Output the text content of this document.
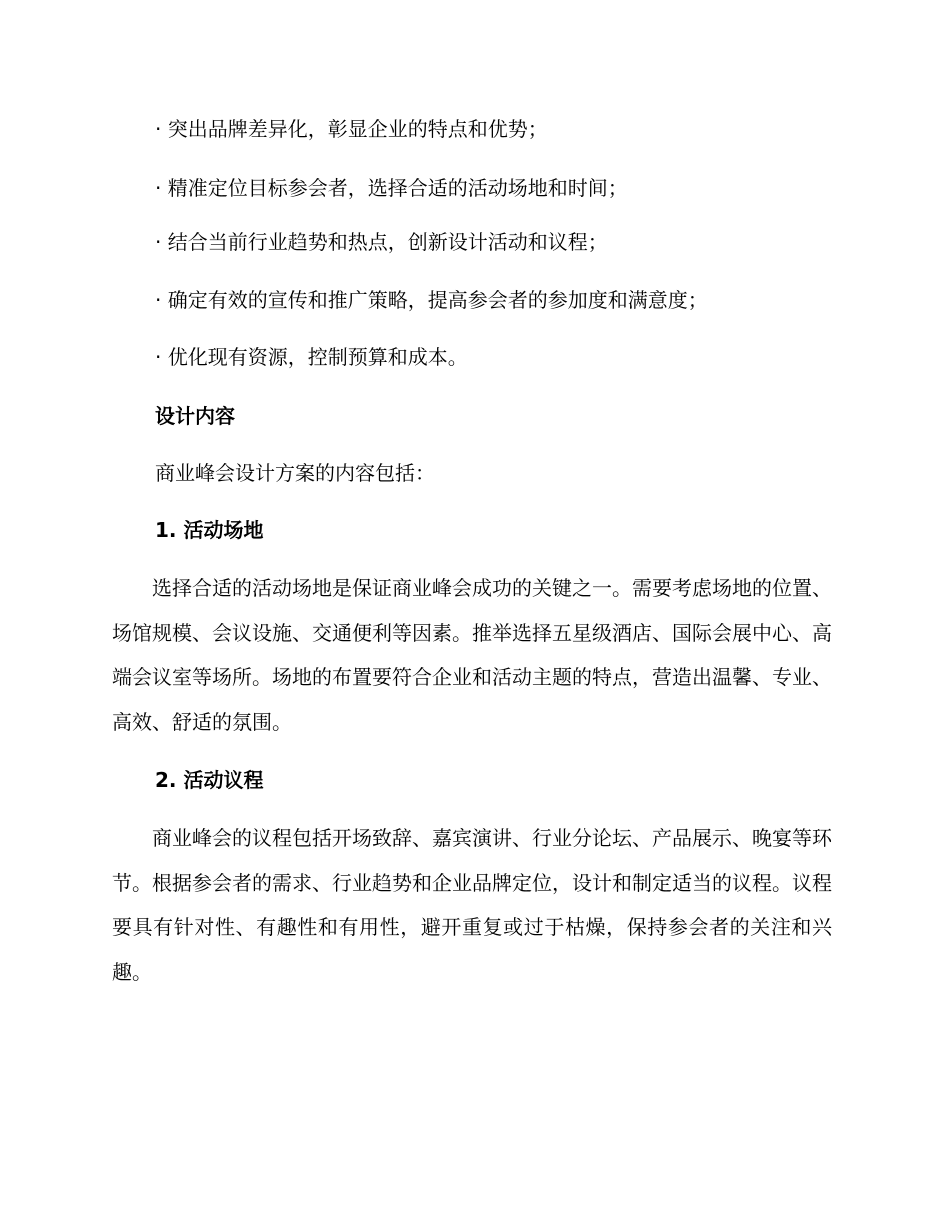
· 突出品牌差异化，彰显企业的特点和优势；
· 精准定位目标参会者，选择合适的活动场地和时间；
· 结合当前行业趋势和热点，创新设计活动和议程；
· 确定有效的宣传和推广策略，提高参会者的参加度和满意度；
· 优化现有资源，控制预算和成本。
设计内容
商业峰会设计方案的内容包括：
1. 活动场地
选择合适的活动场地是保证商业峰会成功的关键之一。需要考虑场地的位置、场馆规模、会议设施、交通便利等因素。推举选择五星级酒店、国际会展中心、高端会议室等场所。场地的布置要符合企业和活动主题的特点，营造出温馨、专业、高效、舒适的氛围。
2. 活动议程
商业峰会的议程包括开场致辞、嘉宾演讲、行业分论坛、产品展示、晚宴等环节。根据参会者的需求、行业趋势和企业品牌定位，设计和制定适当的议程。议程要具有针对性、有趣性和有用性，避开重复或过于枯燥，保持参会者的关注和兴趣。
